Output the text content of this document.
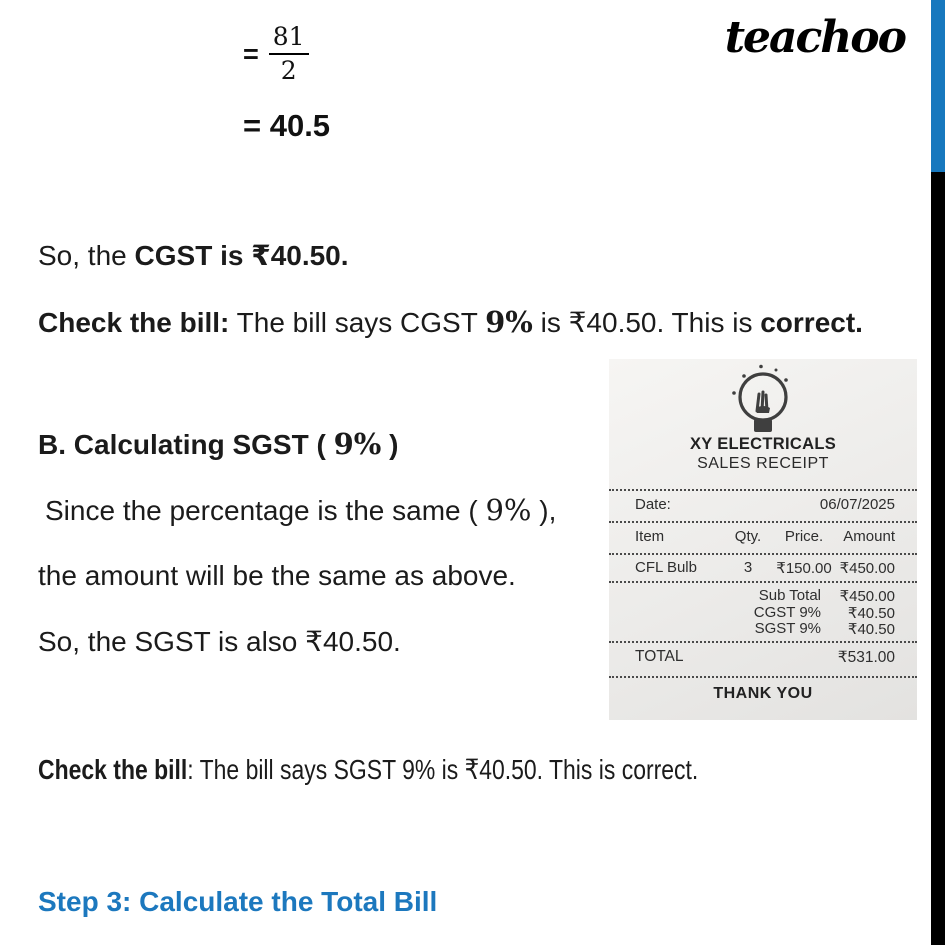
teachoo
= $\frac{81}{2}$
= 40.5
So, the CGST is ₹40.50.
Check the bill: The bill says CGST 9% is ₹40.50. This is correct.
B. Calculating SGST ( 9% )
Since the percentage is the same ( 9% ),
the amount will be the same as above.
So, the SGST is also ₹40.50.
Check the bill: The bill says SGST 9% is ₹40.50. This is correct.
Step 3: Calculate the Total Bill
XY ELECTRICALS
SALES RECEIPT
Date:	06/07/2025
Item	Qty.	Price.	Amount
CFL Bulb	3	₹150.00 ₹450.00
Sub Total	₹450.00
CGST 9%	₹40.50
SGST 9%	₹40.50
TOTAL	₹531.00
THANK YOU
